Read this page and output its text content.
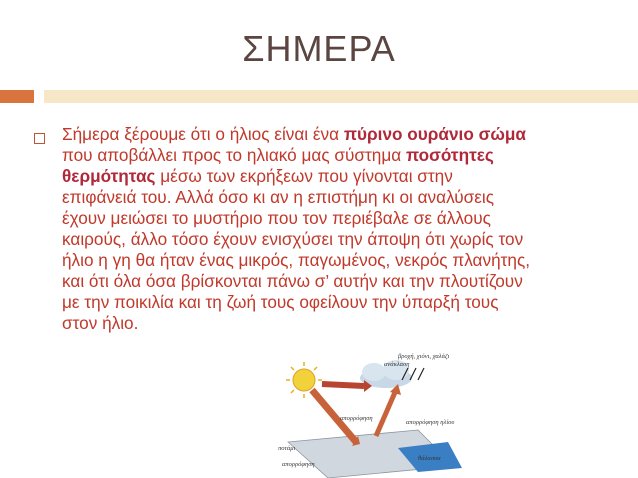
ΣΗΜΕΡΑ

Σήμερα ξέρουμε ότι ο ήλιος είναι ένα πύρινο ουράνιο σώμα που αποβάλλει προς το ηλιακό μας σύστημα ποσότητες θερμότητας μέσω των εκρήξεων που γίνονται στην επιφάνειά του. Αλλά όσο κι αν η επιστήμη κι οι αναλύσεις έχουν μειώσει το μυστήριο που τον περιέβαλε σε άλλους καιρούς, άλλο τόσο έχουν ενισχύσει την άποψη ότι χωρίς τον ήλιο η γη θα ήταν ένας μικρός, παγωμένος, νεκρός πλανήτης, και ότι όλα όσα βρίσκονται πάνω σ’ αυτήν και την πλουτίζουν με την ποικιλία και τη ζωή τους οφείλουν την ύπαρξή τους στον ήλιο.

βροχή, χιόνι, χαλάζι
ανάκλαση
απορρόφηση
απορρόφηση ηλίου
ποτάμι
θάλασσα
απορρόφηση
